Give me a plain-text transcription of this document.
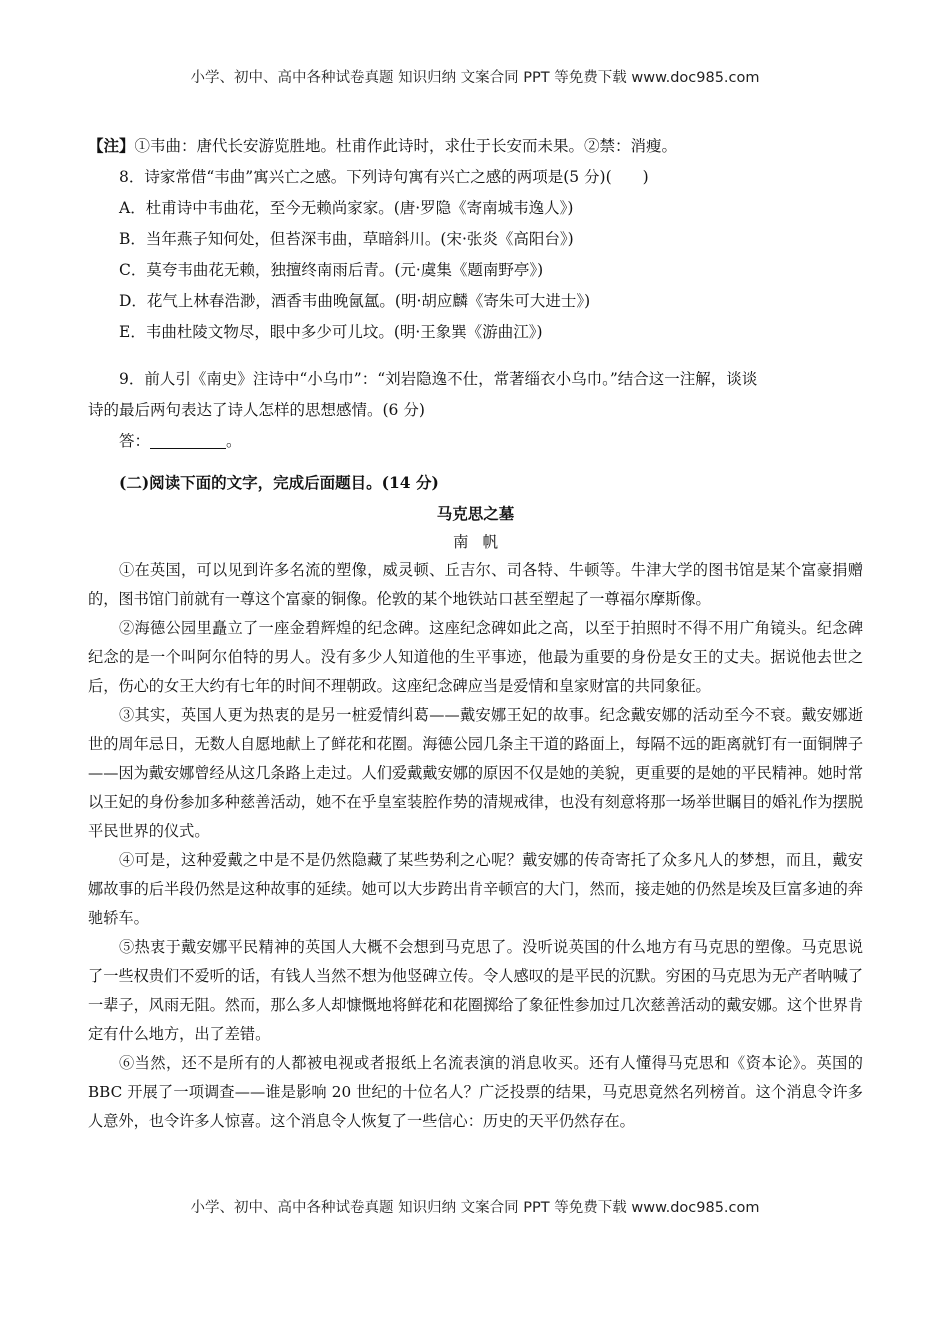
小学、初中、高中各种试卷真题 知识归纳 文案合同 PPT 等免费下载 www.doc985.com
【注】①韦曲：唐代长安游览胜地。杜甫作此诗时，求仕于长安而未果。②禁：消瘦。
8．诗家常借“韦曲”寓兴亡之感。下列诗句寓有兴亡之感的两项是(5 分)(　　)
A．杜甫诗中韦曲花，至今无赖尚家家。(唐·罗隐《寄南城韦逸人》)
B．当年燕子知何处，但苔深韦曲，草暗斜川。(宋·张炎《高阳台》)
C．莫夸韦曲花无赖，独擅终南雨后青。(元·虞集《题南野亭》)
D．花气上林春浩渺，酒香韦曲晚氤氲。(明·胡应麟《寄朱可大进士》)
E．韦曲杜陵文物尽，眼中多少可儿坟。(明·王象巽《游曲江》)
9．前人引《南史》注诗中“小乌巾”：“刘岩隐逸不仕，常著缁衣小乌巾。”结合这一注解，谈谈
诗的最后两句表达了诗人怎样的思想感情。(6 分)
答：	。
(二)阅读下面的文字，完成后面题目。(14 分)
马克思之墓
南帆

①在英国，可以见到许多名流的塑像，威灵顿、丘吉尔、司各特、牛顿等。牛津大学的图书馆是某个富豪捐赠的，图书馆门前就有一尊这个富豪的铜像。伦敦的某个地铁站口甚至塑起了一尊福尔摩斯像。

②海德公园里矗立了一座金碧辉煌的纪念碑。这座纪念碑如此之高，以至于拍照时不得不用广角镜头。纪念碑纪念的是一个叫阿尔伯特的男人。没有多少人知道他的生平事迹，他最为重要的身份是女王的丈夫。据说他去世之后，伤心的女王大约有七年的时间不理朝政。这座纪念碑应当是爱情和皇家财富的共同象征。

③其实，英国人更为热衷的是另一桩爱情纠葛——戴安娜王妃的故事。纪念戴安娜的活动至今不衰。戴安娜逝世的周年忌日，无数人自愿地献上了鲜花和花圈。海德公园几条主干道的路面上，每隔不远的距离就钉有一面铜牌子——因为戴安娜曾经从这几条路上走过。人们爱戴戴安娜的原因不仅是她的美貌，更重要的是她的平民精神。她时常以王妃的身份参加多种慈善活动，她不在乎皇室装腔作势的清规戒律，也没有刻意将那一场举世瞩目的婚礼作为摆脱平民世界的仪式。

④可是，这种爱戴之中是不是仍然隐藏了某些势利之心呢？戴安娜的传奇寄托了众多凡人的梦想，而且，戴安娜故事的后半段仍然是这种故事的延续。她可以大步跨出肯辛顿宫的大门，然而，接走她的仍然是埃及巨富多迪的奔驰轿车。

⑤热衷于戴安娜平民精神的英国人大概不会想到马克思了。没听说英国的什么地方有马克思的塑像。马克思说了一些权贵们不爱听的话，有钱人当然不想为他竖碑立传。令人感叹的是平民的沉默。穷困的马克思为无产者呐喊了一辈子，风雨无阻。然而，那么多人却慷慨地将鲜花和花圈掷给了象征性参加过几次慈善活动的戴安娜。这个世界肯定有什么地方，出了差错。

⑥当然，还不是所有的人都被电视或者报纸上名流表演的消息收买。还有人懂得马克思和《资本论》。英国的 BBC 开展了一项调查——谁是影响 20 世纪的十位名人？广泛投票的结果，马克思竟然名列榜首。这个消息令许多人意外，也令许多人惊喜。这个消息令人恢复了一些信心：历史的天平仍然存在。

小学、初中、高中各种试卷真题 知识归纳 文案合同 PPT 等免费下载 www.doc985.com
